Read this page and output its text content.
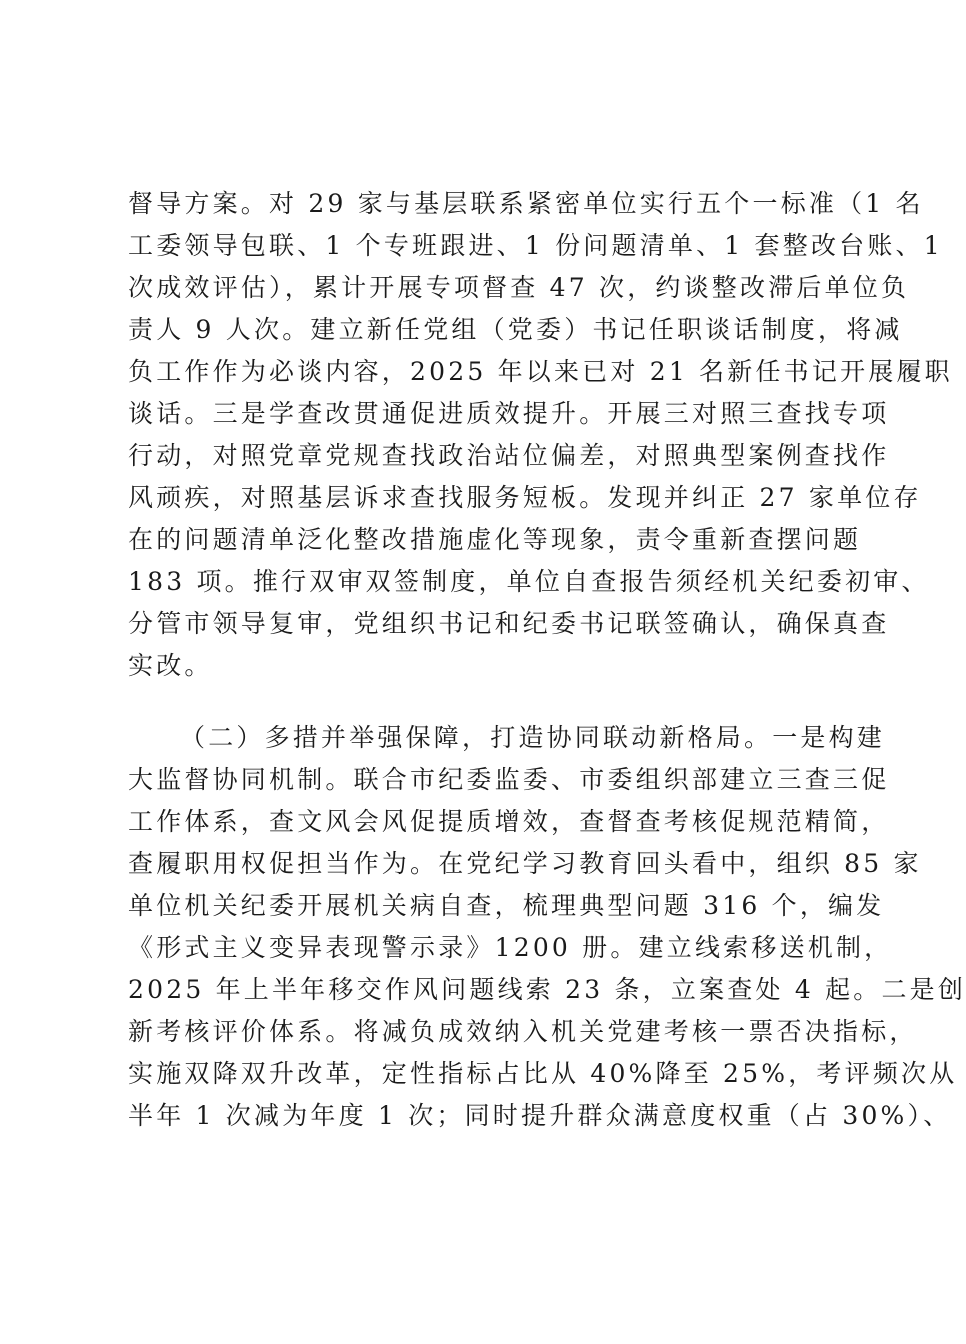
督导方案。对 29 家与基层联系紧密单位实行五个一标准（1 名
工委领导包联、1 个专班跟进、1 份问题清单、1 套整改台账、1
次成效评估），累计开展专项督查 47 次，约谈整改滞后单位负
责人 9 人次。建立新任党组（党委）书记任职谈话制度，将减
负工作作为必谈内容，2025 年以来已对 21 名新任书记开展履职
谈话。三是学查改贯通促进质效提升。开展三对照三查找专项
行动，对照党章党规查找政治站位偏差，对照典型案例查找作
风顽疾，对照基层诉求查找服务短板。发现并纠正 27 家单位存
在的问题清单泛化整改措施虚化等现象，责令重新查摆问题
183 项。推行双审双签制度，单位自查报告须经机关纪委初审、
分管市领导复审，党组织书记和纪委书记联签确认，确保真查
实改。
（二）多措并举强保障，打造协同联动新格局。一是构建
大监督协同机制。联合市纪委监委、市委组织部建立三查三促
工作体系，查文风会风促提质增效，查督查考核促规范精简，
查履职用权促担当作为。在党纪学习教育回头看中，组织 85 家
单位机关纪委开展机关病自查，梳理典型问题 316 个，编发
《形式主义变异表现警示录》1200 册。建立线索移送机制，
2025 年上半年移交作风问题线索 23 条，立案查处 4 起。二是创
新考核评价体系。将减负成效纳入机关党建考核一票否决指标，
实施双降双升改革，定性指标占比从 40%降至 25%，考评频次从
半年 1 次减为年度 1 次；同时提升群众满意度权重（占 30%）、
